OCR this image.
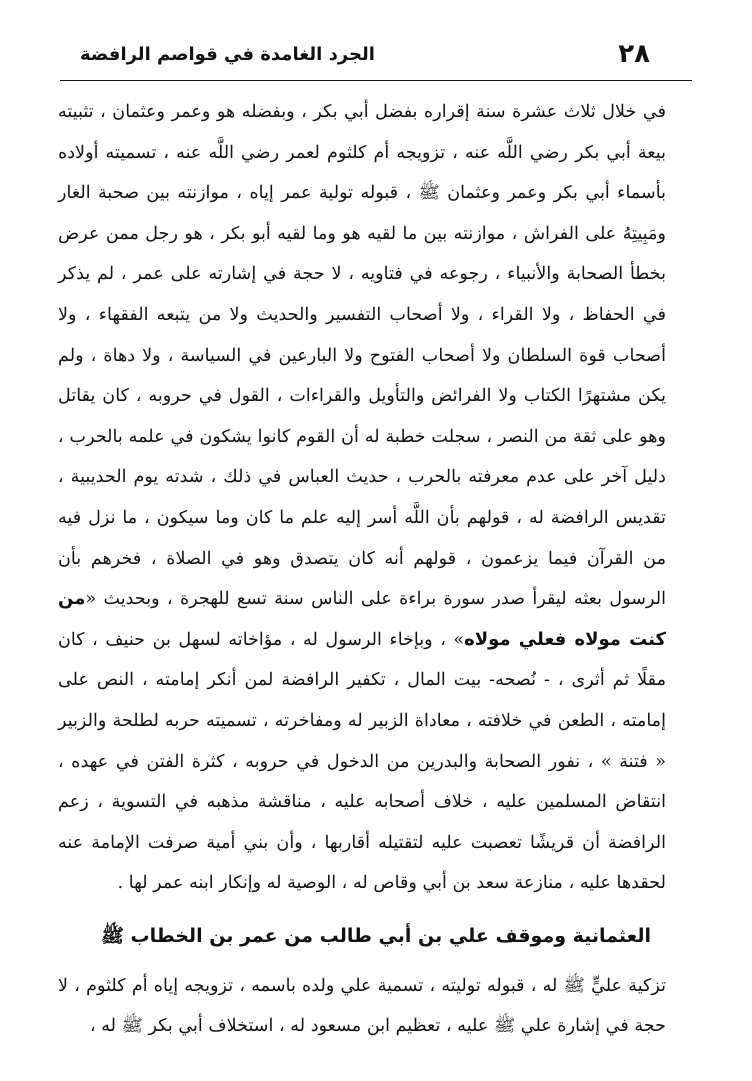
٢٨
الجرد الغامدة في قواصم الرافضة

في خلال ثلاث عشرة سنة إقراره بفضل أبي بكر ، وبفضله هو وعمر وعثمان ، تثبيته بيعة أبي بكر رضي اللَّه عنه ، تزويجه أم كلثوم لعمر رضي اللَّه عنه ، تسميته أولاده بأسماء أبي بكر وعمر وعثمان ﷺ ، قبوله تولية عمر إياه ، موازنته بين صحبة الغار ومَبِيتِهُ على الفراش ، موازنته بين ما لقيه هو وما لقيه أبو بكر ، هو رجل ممن عرض بخطأ الصحابة والأنبياء ، رجوعه في فتاويه ، لا حجة في إشارته على عمر ، لم يذكر في الحفاظ ، ولا القراء ، ولا أصحاب التفسير والحديث ولا من يتبعه الفقهاء ، ولا أصحاب قوة السلطان ولا أصحاب الفتوح ولا البارعين في السياسة ، ولا دهاة ، ولم يكن مشتهرًا الكتاب ولا الفرائض والتأويل والقراءات ، القول في حروبه ، كان يقاتل وهو على ثقة من النصر ، سجلت خطبة له أن القوم كانوا يشكون في علمه بالحرب ، دليل آخر على عدم معرفته بالحرب ، حديث العباس في ذلك ، شدته يوم الحديبية ، تقديس الرافضة له ، قولهم بأن اللَّه أسر إليه علم ما كان وما سيكون ، ما نزل فيه من القرآن فيما يزعمون ، قولهم أنه كان يتصدق وهو في الصلاة ، فخرهم بأن الرسول بعثه ليقرأ صدر سورة براءة على الناس سنة تسع للهجرة ، وبحديث «من كنت مولاه فعلي مولاه» ، وبإخاء الرسول له ، مؤاخاته لسهل بن حنيف ، كان مقلًا ثم أثرى ، - نُصحه- بيت المال ، تكفير الرافضة لمن أنكر إمامته ، النص على إمامته ، الطعن في خلافته ، معاداة الزبير له ومفاخرته ، تسميته حربه لطلحة والزبير « فتنة » ، نفور الصحابة والبدرين من الدخول في حروبه ، كثرة الفتن في عهده ، انتقاض المسلمين عليه ، خلاف أصحابه عليه ، مناقشة مذهبه في التسوية ، زعم الرافضة أن قريشًا تعصبت عليه لتقتيله أقاربها ، وأن بني أمية صرفت الإمامة عنه لحقدها عليه ، منازعة سعد بن أبي وقاص له ، الوصية له وإنكار ابنه عمر لها .

العثمانية وموقف علي بن أبي طالب من عمر بن الخطاب ﷺ

تزكية عليٍّ ﷺ له ، قبوله توليته ، تسمية علي ولده باسمه ، تزويجه إياه أم كلثوم ، لا حجة في إشارة علي ﷺ عليه ، تعظيم ابن مسعود له ، استخلاف أبي بكر ﷺ له ،
